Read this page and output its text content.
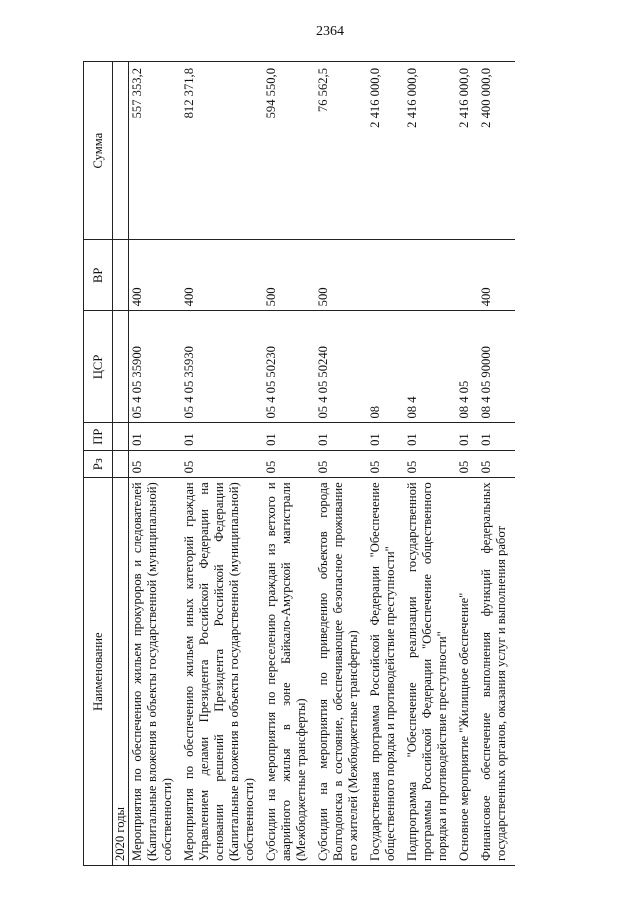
2364
Наименование	Рз	ПР	ЦСР	ВР	Сумма
2020 годы					
Мероприятия по обеспечению жильем прокуроров и следователей (Капитальные вложения в объекты государственной (муниципальной) собственности)	05	01	05 4 05 35900	400	557 353,2
Мероприятия по обеспечению жильем иных категорий граждан Управлением делами Президента Российской Федерации на основании решений Президента Российской Федерации (Капитальные вложения в объекты государственной (муниципальной) собственности)	05	01	05 4 05 35930	400	812 371,8
Субсидии на мероприятия по переселению граждан из ветхого и аварийного жилья в зоне Байкало-Амурской магистрали (Межбюджетные трансферты)	05	01	05 4 05 50230	500	594 550,0
Субсидии на мероприятия по приведению объектов города Волгодонска в состояние, обеспечивающее безопасное проживание его жителей (Межбюджетные трансферты)	05	01	05 4 05 50240	500	76 562,5
Государственная программа Российской Федерации "Обеспечение общественного порядка и противодействие преступности"	05	01	08		2 416 000,0
Подпрограмма "Обеспечение реализации государственной программы Российской Федерации "Обеспечение общественного порядка и противодействие преступности"	05	01	08 4		2 416 000,0
Основное мероприятие "Жилищное обеспечение"	05	01	08 4 05		2 416 000,0
Финансовое обеспечение выполнения функций федеральных государственных органов, оказания услуг и выполнения работ	05	01	08 4 05 90000	400	2 400 000,0
